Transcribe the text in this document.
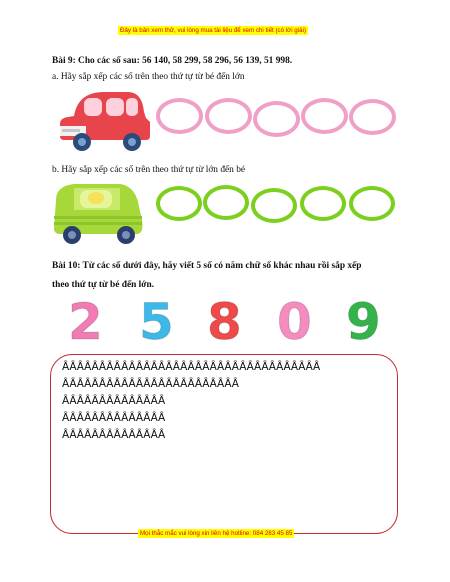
Đây là bản xem thử, vui lòng mua tài liệu để xem chi tiết (có lời giải)
Bài 9: Cho các số sau: 56 140, 58 299, 58 296, 56 139, 51 998.
a. Hãy sắp xếp các số trên theo thứ tự từ bé đến lớn
b. Hãy sắp xếp các số trên theo thứ tự từ lớn đến bé
Bài 10: Từ các số dưới đây, hãy viết 5 số có năm chữ số khác nhau rồi sắp xếp
theo thứ tự từ bé đến lớn.
2 5 8 0 9
ȂȂȂȂȂȂȂȂȂȂȂȂȂȂȂȂȂȂȂȂȂȂȂȂȂȂȂȂȂȂȂȂȂȂȂ
ȂȂȂȂȂȂȂȂȂȂȂȂȂȂȂȂȂȂȂȂȂȂȂȂ
ȂȂȂȂȂȂȂȂȂȂȂȂȂȂ
ȂȂȂȂȂȂȂȂȂȂȂȂȂȂ
ȂȂȂȂȂȂȂȂȂȂȂȂȂȂ
Mọi thắc mắc vui lòng xin liên hệ hotline: 084 283 45 85
